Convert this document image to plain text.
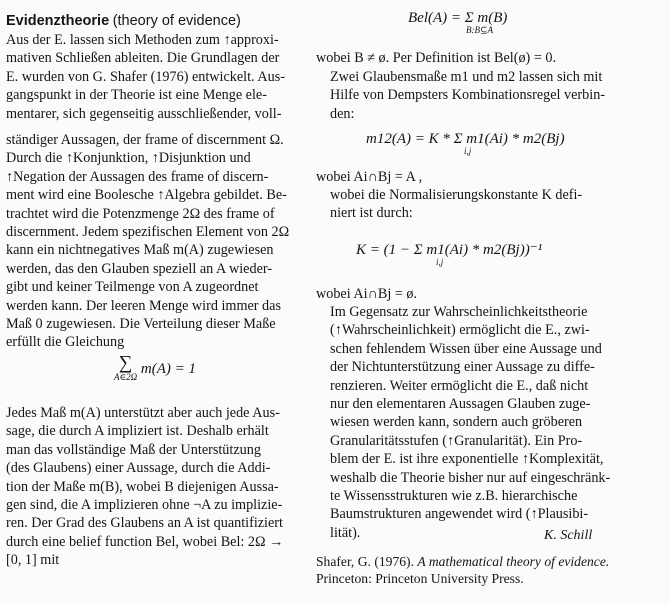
Evidenztheorie (theory of evidence)
Aus der E. lassen sich Methoden zum ↑approxi-
mativen Schließen ableiten. Die Grundlagen der
E. wurden von G. Shafer (1976) entwickelt. Aus-
gangspunkt in der Theorie ist eine Menge ele-
mentarer, sich gegenseitig ausschließender, voll-
ständiger Aussagen, der frame of discernment Ω.
Durch die ↑Konjunktion, ↑Disjunktion und
↑Negation der Aussagen des frame of discern-
ment wird eine Boolesche ↑Algebra gebildet. Be-
trachtet wird die Potenzmenge 2Ω des frame of
discernment. Jedem spezifischen Element von 2Ω
kann ein nichtnegatives Maß m(A) zugewiesen
werden, das den Glauben speziell an A wieder-
gibt und keiner Teilmenge von A zugeordnet
werden kann. Der leeren Menge wird immer das
Maß 0 zugewiesen. Die Verteilung dieser Maße
erfüllt die Gleichung
∑
A∈2Ω m(A) = 1
Jedes Maß m(A) unterstützt aber auch jede Aus-
sage, die durch A impliziert ist. Deshalb erhält
man das vollständige Maß der Unterstützung
(des Glaubens) einer Aussage, durch die Addi-
tion der Maße m(B), wobei B diejenigen Aussa-
gen sind, die A implizieren ohne ¬A zu implizie-
ren. Der Grad des Glaubens an A ist quantifiziert
durch eine belief function Bel, wobei Bel: 2Ω →
[0, 1] mit
Bel(A) = Σ m(B)
B:B⊆A
wobei B ≠ ø. Per Definition ist Bel(ø) = 0.
Zwei Glaubensmaße m1 und m2 lassen sich mit
Hilfe von Dempsters Kombinationsregel verbin-
den:
m12(A) = K * Σ m1(Ai) * m2(Bj)
i,j
wobei Ai∩Bj = A ,
wobei die Normalisierungskonstante K defi-
niert ist durch:
K = (1 − Σ m1(Ai) * m2(Bj))⁻¹
i,j
wobei Ai∩Bj = ø.
Im Gegensatz zur Wahrscheinlichkeitstheorie
(↑Wahrscheinlichkeit) ermöglicht die E., zwi-
schen fehlendem Wissen über eine Aussage und
der Nichtunterstützung einer Aussage zu diffe-
renzieren. Weiter ermöglicht die E., daß nicht
nur den elementaren Aussagen Glauben zuge-
wiesen werden kann, sondern auch gröberen
Granularitätsstufen (↑Granularität). Ein Pro-
blem der E. ist ihre exponentielle ↑Komplexität,
weshalb die Theorie bisher nur auf eingeschränk-
te Wissensstrukturen wie z.B. hierarchische
Baumstrukturen angewendet wird (↑Plausibi-
lität).	K. Schill
Shafer, G. (1976). A mathematical theory of evidence.
Princeton: Princeton University Press.
